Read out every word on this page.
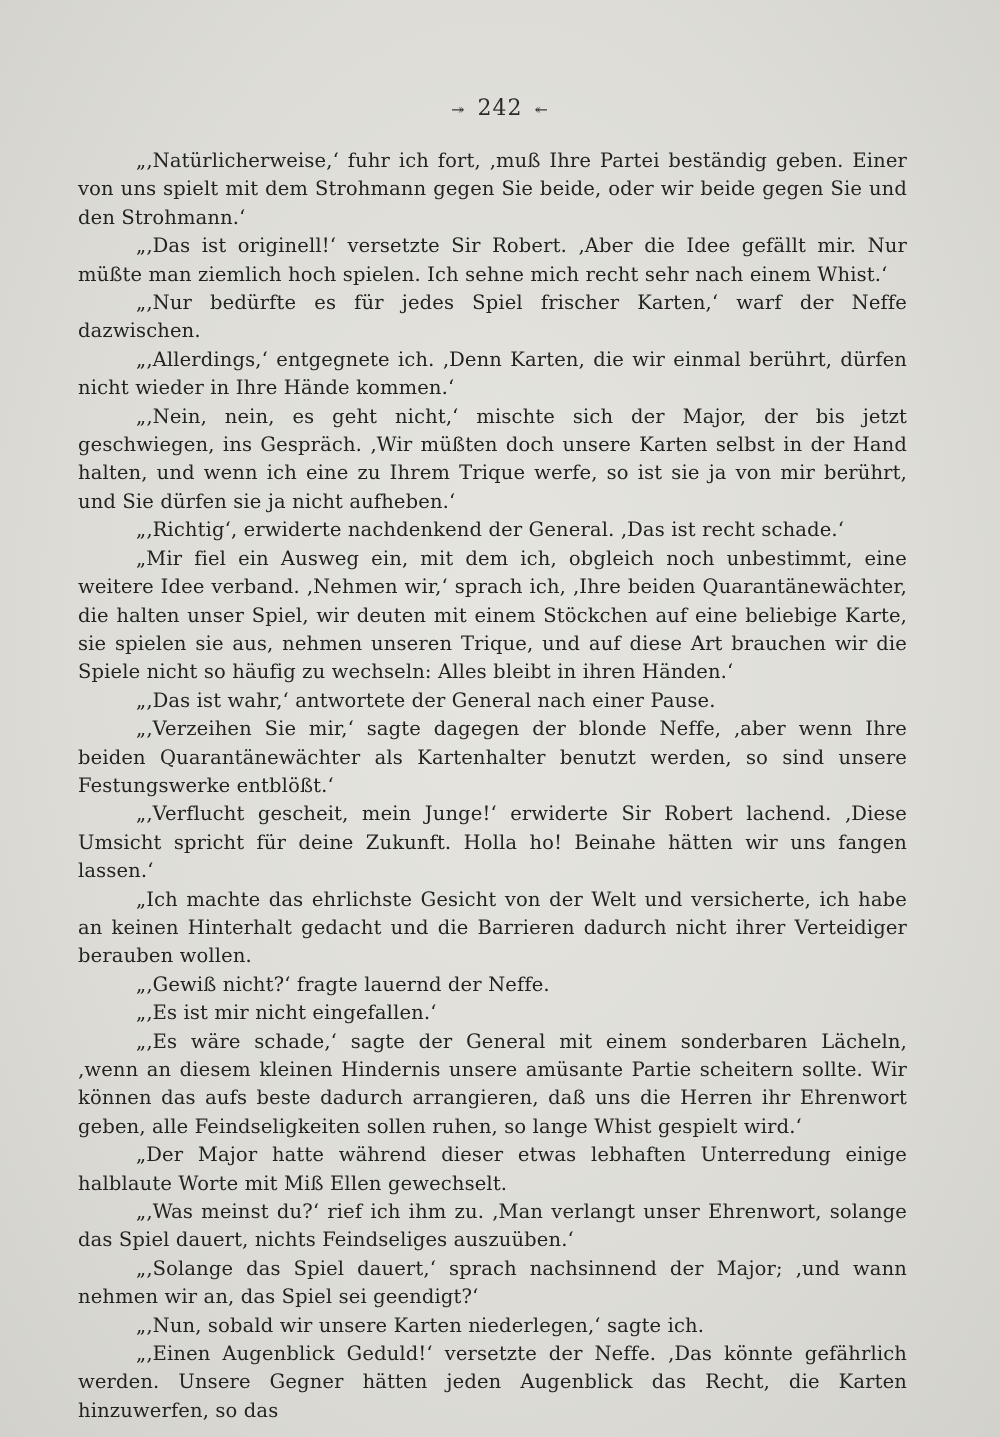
↠ 242 ↞

„‚Natürlicherweise,‘ fuhr ich fort, ‚muß Ihre Partei beständig geben. Einer von uns spielt mit dem Strohmann gegen Sie beide, oder wir beide gegen Sie und den Strohmann.‘

„‚Das ist originell!‘ versetzte Sir Robert. ‚Aber die Idee gefällt mir. Nur müßte man ziemlich hoch spielen. Ich sehne mich recht sehr nach einem Whist.‘

„‚Nur bedürfte es für jedes Spiel frischer Karten,‘ warf der Neffe dazwischen.

„‚Allerdings,‘ entgegnete ich. ‚Denn Karten, die wir einmal berührt, dürfen nicht wieder in Ihre Hände kommen.‘

„‚Nein, nein, es geht nicht,‘ mischte sich der Major, der bis jetzt geschwiegen, ins Gespräch. ‚Wir müßten doch unsere Karten selbst in der Hand halten, und wenn ich eine zu Ihrem Trique werfe, so ist sie ja von mir berührt, und Sie dürfen sie ja nicht aufheben.‘

„‚Richtig‘, erwiderte nachdenkend der General. ‚Das ist recht schade.‘

„Mir fiel ein Ausweg ein, mit dem ich, obgleich noch unbestimmt, eine weitere Idee verband. ‚Nehmen wir,‘ sprach ich, ‚Ihre beiden Quarantänewächter, die halten unser Spiel, wir deuten mit einem Stöckchen auf eine beliebige Karte, sie spielen sie aus, nehmen unseren Trique, und auf diese Art brauchen wir die Spiele nicht so häufig zu wechseln: Alles bleibt in ihren Händen.‘

„‚Das ist wahr,‘ antwortete der General nach einer Pause.

„‚Verzeihen Sie mir,‘ sagte dagegen der blonde Neffe, ‚aber wenn Ihre beiden Quarantänewächter als Kartenhalter benutzt werden, so sind unsere Festungswerke entblößt.‘

„‚Verflucht gescheit, mein Junge!‘ erwiderte Sir Robert lachend. ‚Diese Umsicht spricht für deine Zukunft. Holla ho! Beinahe hätten wir uns fangen lassen.‘

„Ich machte das ehrlichste Gesicht von der Welt und versicherte, ich habe an keinen Hinterhalt gedacht und die Barrieren dadurch nicht ihrer Verteidiger berauben wollen.

„‚Gewiß nicht?‘ fragte lauernd der Neffe.

„‚Es ist mir nicht eingefallen.‘

„‚Es wäre schade,‘ sagte der General mit einem sonderbaren Lächeln, ‚wenn an diesem kleinen Hindernis unsere amüsante Partie scheitern sollte. Wir können das aufs beste dadurch arrangieren, daß uns die Herren ihr Ehrenwort geben, alle Feindseligkeiten sollen ruhen, so lange Whist gespielt wird.‘

„Der Major hatte während dieser etwas lebhaften Unterredung einige halblaute Worte mit Miß Ellen gewechselt.

„‚Was meinst du?‘ rief ich ihm zu. ‚Man verlangt unser Ehrenwort, solange das Spiel dauert, nichts Feindseliges auszuüben.‘

„‚Solange das Spiel dauert,‘ sprach nachsinnend der Major; ‚und wann nehmen wir an, das Spiel sei geendigt?‘

„‚Nun, sobald wir unsere Karten niederlegen,‘ sagte ich.

„‚Einen Augenblick Geduld!‘ versetzte der Neffe. ‚Das könnte gefährlich werden. Unsere Gegner hätten jeden Augenblick das Recht, die Karten hinzuwerfen, so das
